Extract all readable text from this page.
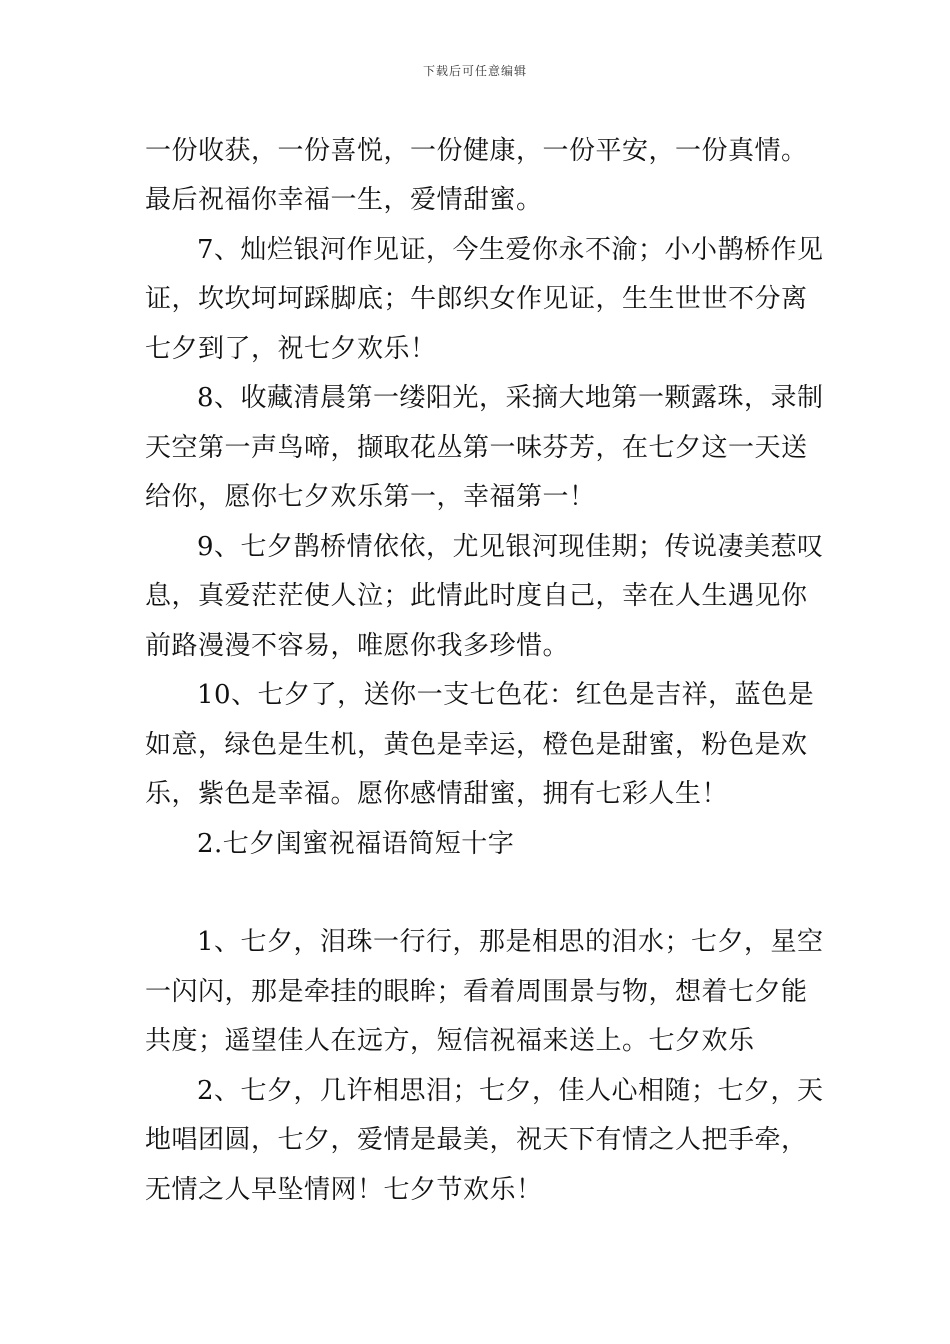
下载后可任意编辑
一份收获，一份喜悦，一份健康，一份平安，一份真情。
最后祝福你幸福一生，爱情甜蜜。
7、灿烂银河作见证，今生爱你永不渝；小小鹊桥作见
证，坎坎坷坷踩脚底；牛郎织女作见证，生生世世不分离
七夕到了，祝七夕欢乐！
8、收藏清晨第一缕阳光，采摘大地第一颗露珠，录制
天空第一声鸟啼，撷取花丛第一味芬芳，在七夕这一天送
给你，愿你七夕欢乐第一，幸福第一！
9、七夕鹊桥情依依，尤见银河现佳期；传说凄美惹叹
息，真爱茫茫使人泣；此情此时度自己，幸在人生遇见你
前路漫漫不容易，唯愿你我多珍惜。
10、七夕了，送你一支七色花：红色是吉祥，蓝色是
如意，绿色是生机，黄色是幸运，橙色是甜蜜，粉色是欢
乐，紫色是幸福。愿你感情甜蜜，拥有七彩人生！
2.七夕闺蜜祝福语简短十字
1、七夕，泪珠一行行，那是相思的泪水；七夕，星空
一闪闪，那是牵挂的眼眸；看着周围景与物，想着七夕能
共度；遥望佳人在远方，短信祝福来送上。七夕欢乐
2、七夕，几许相思泪；七夕，佳人心相随；七夕，天
地唱团圆，七夕，爱情是最美，祝天下有情之人把手牵，
无情之人早坠情网！七夕节欢乐！
